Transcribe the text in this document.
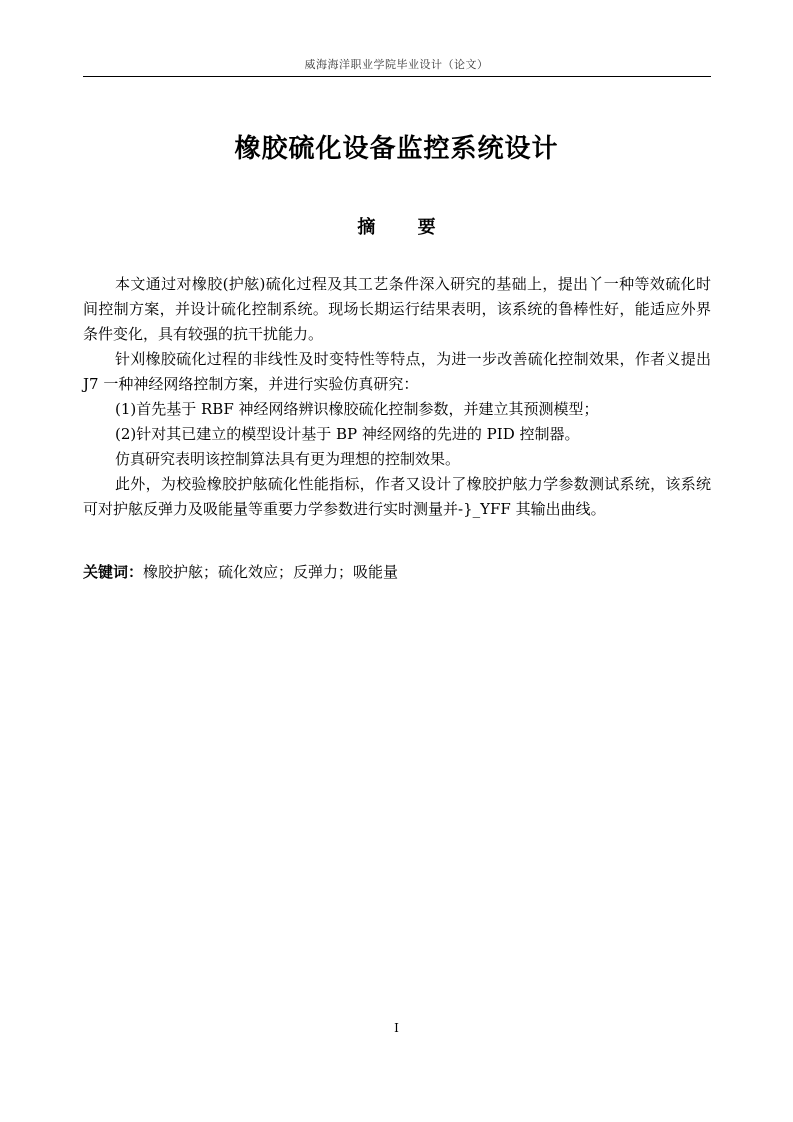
威海海洋职业学院毕业设计（论文）
橡胶硫化设备监控系统设计
摘 要

本文通过对橡胶(护舷)硫化过程及其工艺条件深入研究的基础上，提出丫一种等效硫化时间控制方案，并设计硫化控制系统。现场长期运行结果表明，该系统的鲁棒性好，能适应外界条件变化，具有较强的抗干扰能力。

针刈橡胶硫化过程的非线性及时变特性等特点，为进一步改善硫化控制效果，作者义提出 J7 一种神经网络控制方案，并进行实验仿真研究：

(1)首先基于 RBF 神经网络辨识橡胶硫化控制参数，并建立其预测模型；

(2)针对其已建立的模型设计基于 BP 神经网络的先进的 PID 控制器。

仿真研究表明该控制算法具有更为理想的控制效果。

此外，为校验橡胶护舷硫化性能指标，作者又设计了橡胶护舷力学参数测试系统，该系统可对护舷反弹力及吸能量等重要力学参数进行实时测量并-}_YFF 其输出曲线。

关键词：橡胶护舷；硫化效应；反弹力；吸能量
I
